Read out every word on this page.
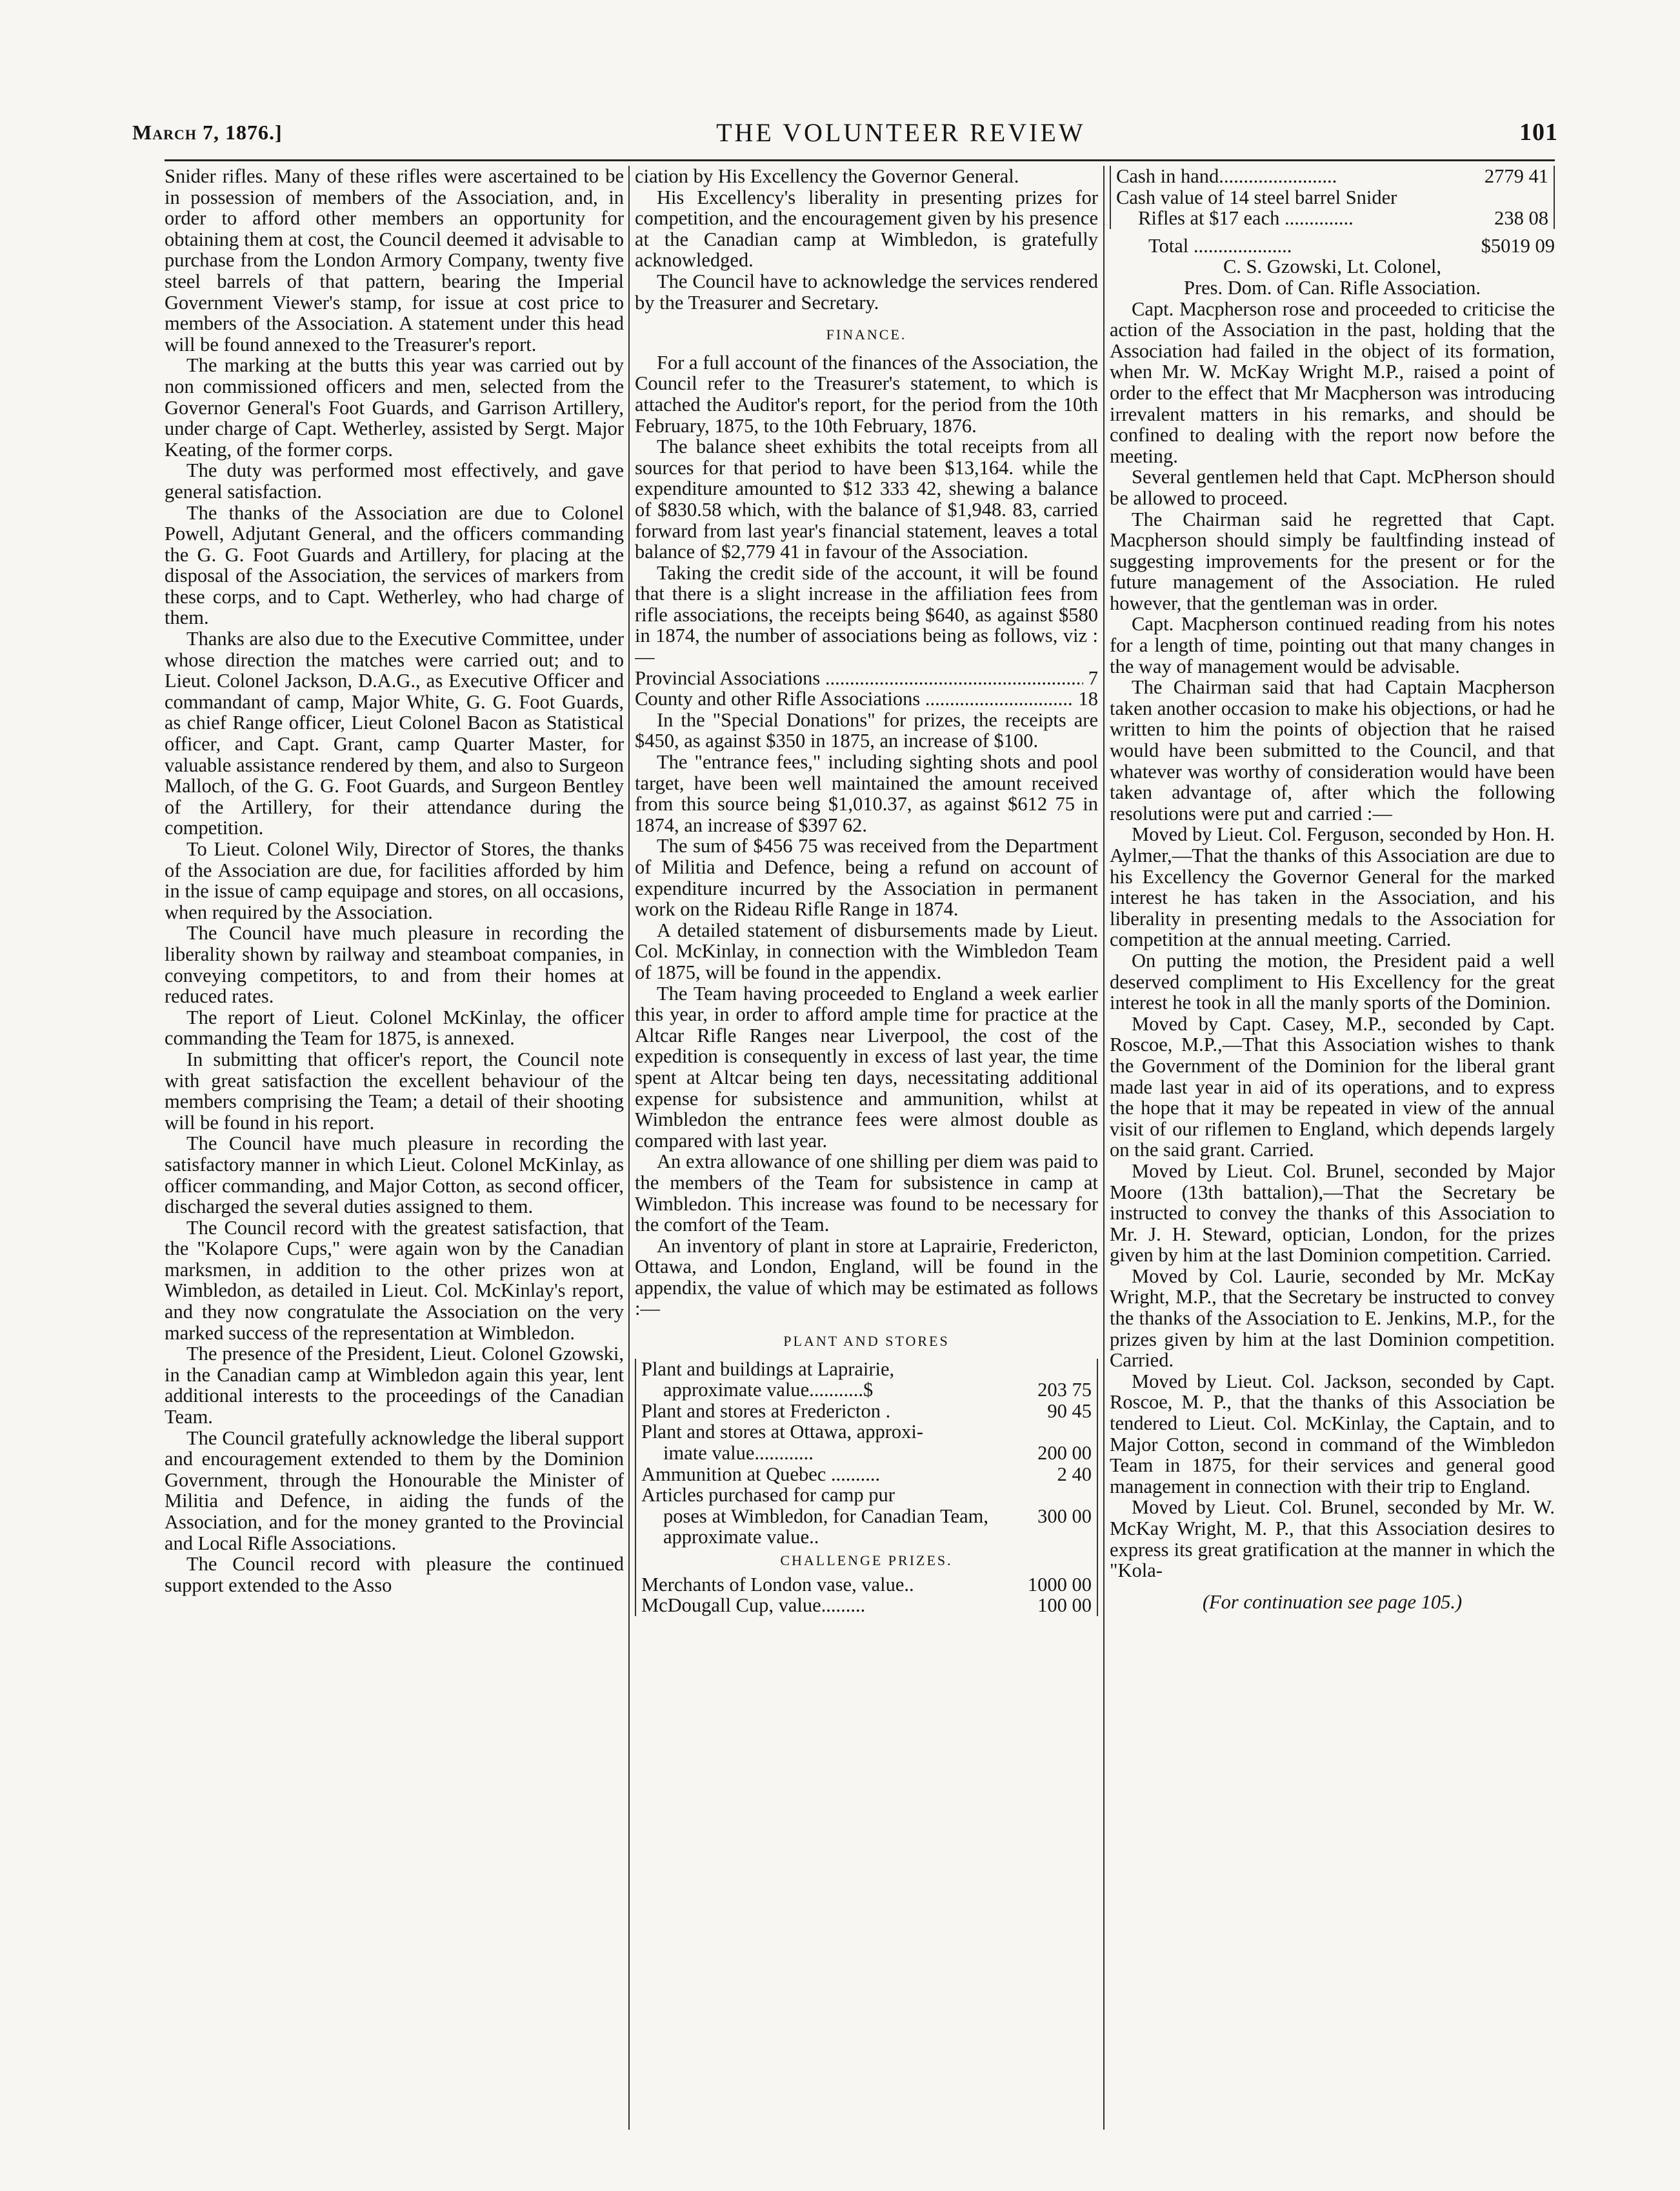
March 7, 1876.]	THE VOLUNTEER REVIEW	101

Snider rifles. Many of these rifles were ascertained to be in possession of members of the Association, and, in order to afford other members an opportunity for obtaining them at cost, the Council deemed it advisable to purchase from the London Armory Company, twenty five steel barrels of that pattern, bearing the Imperial Government Viewer's stamp, for issue at cost price to members of the Association. A statement under this head will be found annexed to the Treasurer's report.

The marking at the butts this year was carried out by non commissioned officers and men, selected from the Governor General's Foot Guards, and Garrison Artillery, under charge of Capt. Wetherley, assisted by Sergt. Major Keating, of the former corps.

The duty was performed most effectively, and gave general satisfaction.

The thanks of the Association are due to Colonel Powell, Adjutant General, and the officers commanding the G. G. Foot Guards and Artillery, for placing at the disposal of the Association, the services of markers from these corps, and to Capt. Wetherley, who had charge of them.

Thanks are also due to the Executive Committee, under whose direction the matches were carried out; and to Lieut. Colonel Jackson, D.A.G., as Executive Officer and commandant of camp, Major White, G. G. Foot Guards, as chief Range officer, Lieut Colonel Bacon as Statistical officer, and Capt. Grant, camp Quarter Master, for valuable assistance rendered by them, and also to Surgeon Malloch, of the G. G. Foot Guards, and Surgeon Bentley of the Artillery, for their attendance during the competition.

To Lieut. Colonel Wily, Director of Stores, the thanks of the Association are due, for facilities afforded by him in the issue of camp equipage and stores, on all occasions, when required by the Association.

The Council have much pleasure in recording the liberality shown by railway and steamboat companies, in conveying competitors, to and from their homes at reduced rates.

The report of Lieut. Colonel McKinlay, the officer commanding the Team for 1875, is annexed.

In submitting that officer's report, the Council note with great satisfaction the excellent behaviour of the members comprising the Team; a detail of their shooting will be found in his report.

The Council have much pleasure in recording the satisfactory manner in which Lieut. Colonel McKinlay, as officer commanding, and Major Cotton, as second officer, discharged the several duties assigned to them.

The Council record with the greatest satisfaction, that the "Kolapore Cups," were again won by the Canadian marksmen, in addition to the other prizes won at Wimbledon, as detailed in Lieut. Col. McKinlay's report, and they now congratulate the Association on the very marked success of the representation at Wimbledon.

The presence of the President, Lieut. Colonel Gzowski, in the Canadian camp at Wimbledon again this year, lent additional interests to the proceedings of the Canadian Team.

The Council gratefully acknowledge the liberal support and encouragement extended to them by the Dominion Government, through the Honourable the Minister of Militia and Defence, in aiding the funds of the Association, and for the money granted to the Provincial and Local Rifle Associations.

The Council record with pleasure the continued support extended to the Asso

ciation by His Excellency the Governor General.

His Excellency's liberality in presenting prizes for competition, and the encouragement given by his presence at the Canadian camp at Wimbledon, is gratefully acknowledged.

The Council have to acknowledge the services rendered by the Treasurer and Secretary.

FINANCE.

For a full account of the finances of the Association, the Council refer to the Treasurer's statement, to which is attached the Auditor's report, for the period from the 10th February, 1875, to the 10th February, 1876.

The balance sheet exhibits the total receipts from all sources for that period to have been $13,164. while the expenditure amounted to $12 333 42, shewing a balance of $830.58 which, with the balance of $1,948. 83, carried forward from last year's financial statement, leaves a total balance of $2,779 41 in favour of the Association.

Taking the credit side of the account, it will be found that there is a slight increase in the affiliation fees from rifle associations, the receipts being $640, as against $580 in 1874, the number of associations being as follows, viz :—

Provincial Associations .....	7
County and other Rifle Associations .....	18

In the "Special Donations" for prizes, the receipts are $450, as against $350 in 1875, an increase of $100.

The "entrance fees," including sighting shots and pool target, have been well maintained the amount received from this source being $1,010.37, as against $612 75 in 1874, an increase of $397 62.

The sum of $456 75 was received from the Department of Militia and Defence, being a refund on account of expenditure incurred by the Association in permanent work on the Rideau Rifle Range in 1874.

A detailed statement of disbursements made by Lieut. Col. McKinlay, in connection with the Wimbledon Team of 1875, will be found in the appendix.

The Team having proceeded to England a week earlier this year, in order to afford ample time for practice at the Altcar Rifle Ranges near Liverpool, the cost of the expedition is consequently in excess of last year, the time spent at Altcar being ten days, necessitating additional expense for subsistence and ammunition, whilst at Wimbledon the entrance fees were almost double as compared with last year.

An extra allowance of one shilling per diem was paid to the members of the Team for subsistence in camp at Wimbledon. This increase was found to be necessary for the comfort of the Team.

An inventory of plant in store at Laprairie, Fredericton, Ottawa, and London, England, will be found in the appendix, the value of which may be estimated as follows :—

PLANT AND STORES
Plant and buildings at Laprairie,
approximate value...........$	203 75
Plant and stores at Fredericton .	90 45
Plant and stores at Ottawa, approxi-
imate value............	200 00
Ammunition at Quebec ..........	2 40
Articles purchased for camp pur
poses at Wimbledon, for Canadian Team, approximate value..
300 00
CHALLENGE PRIZES.
Merchants of London vase, value..	1000 00
McDougall Cup, value.........	100 00
Cash in hand........................	2779 41
Cash value of 14 steel barrel Snider
Rifles at $17 each ..............	238 08
Total ....................	$5019 09
C. S. Gzowski, Lt. Colonel,
Pres. Dom. of Can. Rifle Association.

Capt. Macpherson rose and proceeded to criticise the action of the Association in the past, holding that the Association had failed in the object of its formation, when Mr. W. McKay Wright M.P., raised a point of order to the effect that Mr Macpherson was introducing irrevalent matters in his remarks, and should be confined to dealing with the report now before the meeting.

Several gentlemen held that Capt. McPherson should be allowed to proceed.

The Chairman said he regretted that Capt. Macpherson should simply be faultfinding instead of suggesting improvements for the present or for the future management of the Association. He ruled however, that the gentleman was in order.

Capt. Macpherson continued reading from his notes for a length of time, pointing out that many changes in the way of management would be advisable.

The Chairman said that had Captain Macpherson taken another occasion to make his objections, or had he written to him the points of objection that he raised would have been submitted to the Council, and that whatever was worthy of consideration would have been taken advantage of, after which the following resolutions were put and carried :—

Moved by Lieut. Col. Ferguson, seconded by Hon. H. Aylmer,—That the thanks of this Association are due to his Excellency the Governor General for the marked interest he has taken in the Association, and his liberality in presenting medals to the Association for competition at the annual meeting. Carried.

On putting the motion, the President paid a well deserved compliment to His Excellency for the great interest he took in all the manly sports of the Dominion.

Moved by Capt. Casey, M.P., seconded by Capt. Roscoe, M.P.,—That this Association wishes to thank the Government of the Dominion for the liberal grant made last year in aid of its operations, and to express the hope that it may be repeated in view of the annual visit of our riflemen to England, which depends largely on the said grant. Carried.

Moved by Lieut. Col. Brunel, seconded by Major Moore (13th battalion),—That the Secretary be instructed to convey the thanks of this Association to Mr. J. H. Steward, optician, London, for the prizes given by him at the last Dominion competition. Carried.

Moved by Col. Laurie, seconded by Mr. McKay Wright, M.P., that the Secretary be instructed to convey the thanks of the Association to E. Jenkins, M.P., for the prizes given by him at the last Dominion competition. Carried.

Moved by Lieut. Col. Jackson, seconded by Capt. Roscoe, M. P., that the thanks of this Association be tendered to Lieut. Col. McKinlay, the Captain, and to Major Cotton, second in command of the Wimbledon Team in 1875, for their services and general good management in connection with their trip to England.

Moved by Lieut. Col. Brunel, seconded by Mr. W. McKay Wright, M. P., that this Association desires to express its great gratification at the manner in which the "Kola-

(For continuation see page 105.)
